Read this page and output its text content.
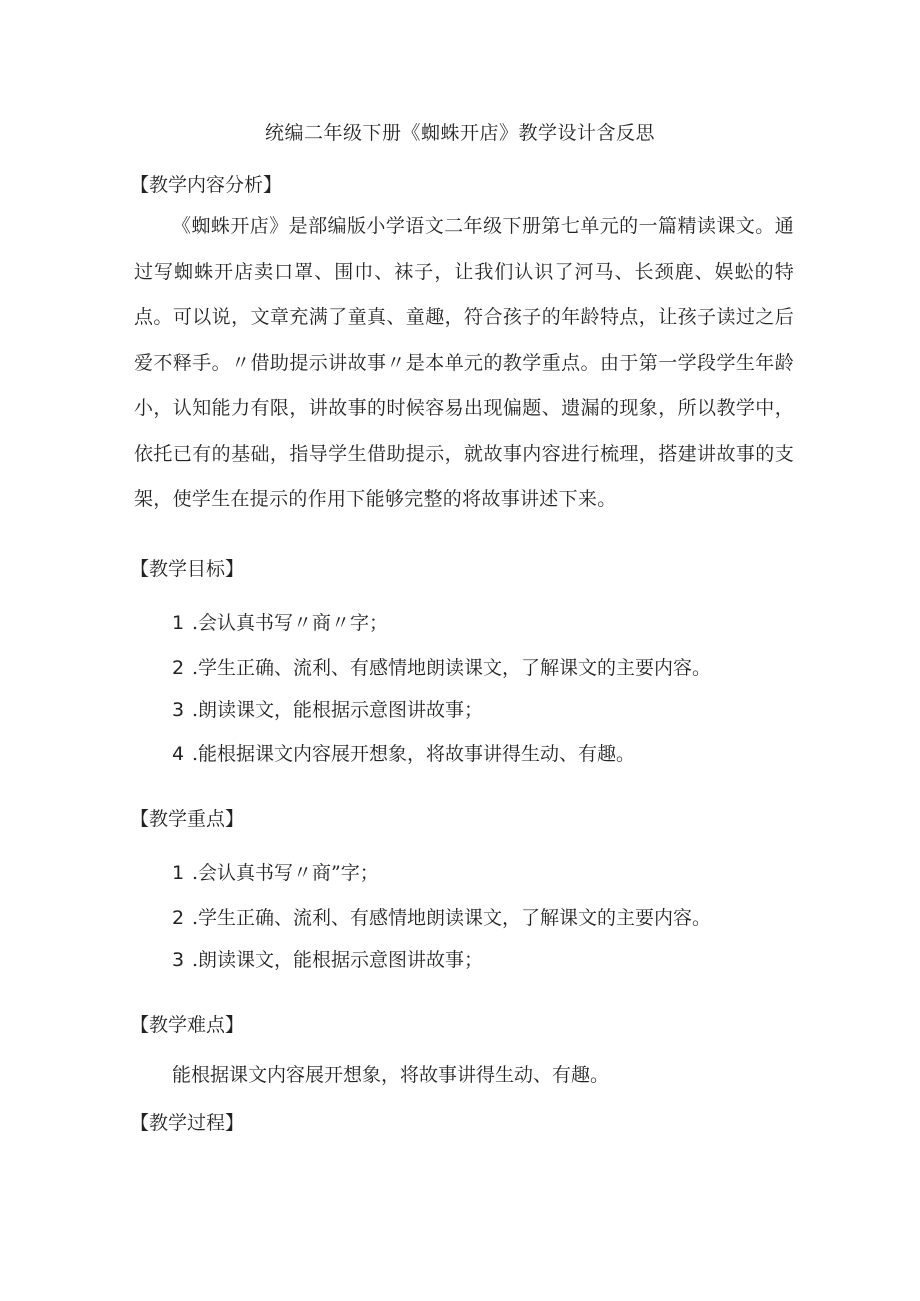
统编二年级下册《蜘蛛开店》教学设计含反思
【教学内容分析】

《蜘蛛开店》是部编版小学语文二年级下册第七单元的一篇精读课文。通过写蜘蛛开店卖口罩、围巾、袜子，让我们认识了河马、长颈鹿、娱蚣的特点。可以说，文章充满了童真、童趣，符合孩子的年龄特点，让孩子读过之后爱不释手。〃借助提示讲故事〃是本单元的教学重点。由于第一学段学生年龄小，认知能力有限，讲故事的时候容易出现偏题、遗漏的现象，所以教学中，依托已有的基础，指导学生借助提示，就故事内容进行梳理，搭建讲故事的支架，使学生在提示的作用下能够完整的将故事讲述下来。

【教学目标】
1 .会认真书写〃商〃字；
2 .学生正确、流利、有感情地朗读课文，了解课文的主要内容。
3 .朗读课文，能根据示意图讲故事；
4 .能根据课文内容展开想象，将故事讲得生动、有趣。
【教学重点】
1 .会认真书写〃商”字；
2 .学生正确、流利、有感情地朗读课文，了解课文的主要内容。
3 .朗读课文，能根据示意图讲故事；
【教学难点】
能根据课文内容展开想象，将故事讲得生动、有趣。
【教学过程】
